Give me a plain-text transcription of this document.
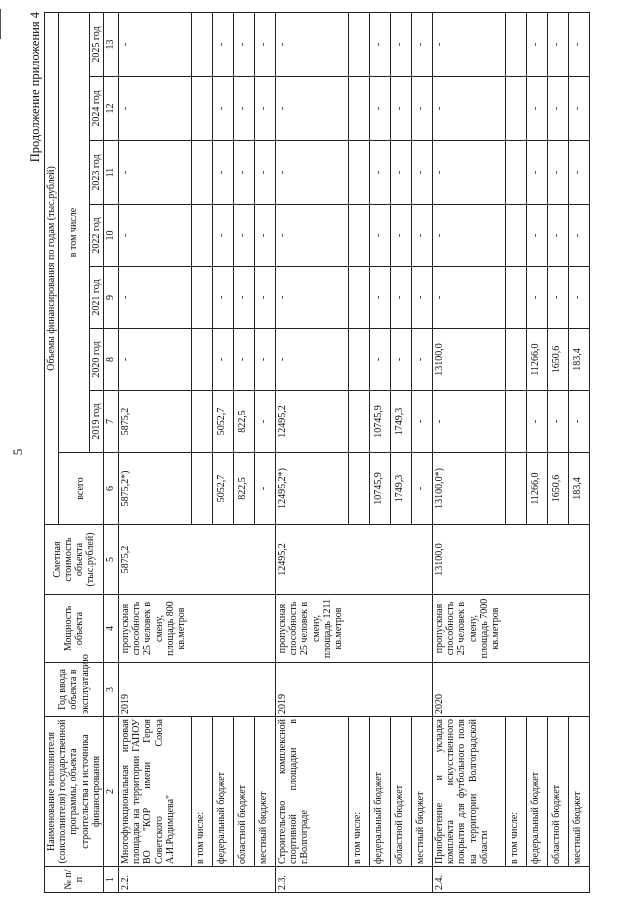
5
Продолжение приложения 4
№ п/п	Наименование исполнителя (соисполнителя) государственной программы, объекта строительства и источника финансирования	Год ввода объекта в эксплуатацию	Мощность объекта	Сметная стоимость объекта (тыс.рублей)	Объемы финансирования по годам (тыс.рублей)							
					всего	в том числе						
						2019 год	2020 год	2021 год	2022 год	2023 год	2024 год	2025 год
1	2	3	4	5	6	7	8	9	10	11	12	13
2.2.	Многофункциональная игровая площадка на территории ГАПОУ ВО "КОР имени Героя Советского Союза А.И.Родимцева"	2019	пропускная способность 25 человек в смену, площадь 800 кв.метров	5875,2	5875,2*)	5875,2	-	-	-	-	-	-
	в том числе:											
	федеральный бюджет				5052,7	5052,7	-	-	-	-	-	-
	областной бюджет				822,5	822,5	-	-	-	-	-	-
	местный бюджет				-	-	-	-	-	-	-	-
2.3.	Строительство комплексной спортивной площадки в г.Волгограде	2019	пропускная способность 25 человек в смену, площадь 1211 кв.метров	12495,2	12495,2*)	12495,2	-	-	-	-	-	-
	в том числе:											
	федеральный бюджет				10745,9	10745,9	-	-	-	-	-	-
	областной бюджет				1749,3	1749,3	-	-	-	-	-	-
	местный бюджет				-	-	-	-	-	-	-	-
2.4.	Приобретение и укладка комплекта искусственного покрытия для футбольного поля на территории Волгоградской области	2020	пропускная способность 25 человек в смену, площадь 7000 кв.метров	13100,0	13100,0*)	-	13100,0	-	-	-	-	-
	в том числе:											
	федеральный бюджет				11266,0	-	11266,0	-	-	-	-	-
	областной бюджет				1650,6	-	1650,6	-	-	-	-	-
	местный бюджет				183,4	-	183,4	-	-	-	-	-
